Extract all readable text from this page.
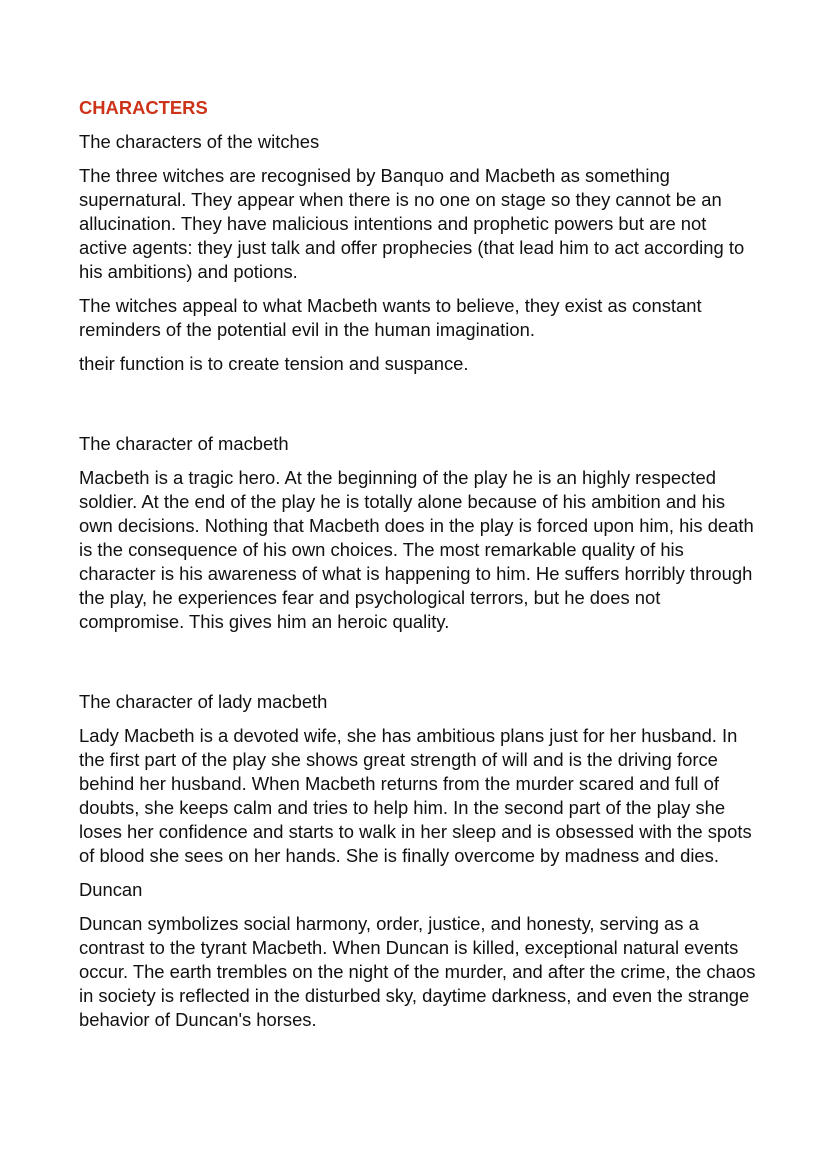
CHARACTERS
The characters of the witches
The three witches are recognised by Banquo and Macbeth as something supernatural. They appear when there is no one on stage so they cannot be an allucination. They have malicious intentions and prophetic powers but are not active agents: they just talk and offer prophecies (that lead him to act according to his ambitions) and potions.
The witches appeal to what Macbeth wants to believe, they exist as constant reminders of the potential evil in the human imagination.
their function is to create tension and suspance.
The character of macbeth
Macbeth is a tragic hero. At the beginning of the play he is an highly respected soldier. At the end of the play he is totally alone because of his ambition and his own decisions. Nothing that Macbeth does in the play is forced upon him, his death is the consequence of his own choices. The most remarkable quality of his character is his awareness of what is happening to him. He suffers horribly through the play, he experiences fear and psychological terrors, but he does not compromise. This gives him an heroic quality.
The character of lady macbeth
Lady Macbeth is a devoted wife, she has ambitious plans just for her husband. In the first part of the play she shows great strength of will and is the driving force behind her husband. When Macbeth returns from the murder scared and full of doubts, she keeps calm and tries to help him. In the second part of the play she loses her confidence and starts to walk in her sleep and is obsessed with the spots of blood she sees on her hands. She is finally overcome by madness and dies.
Duncan
Duncan symbolizes social harmony, order, justice, and honesty, serving as a contrast to the tyrant Macbeth. When Duncan is killed, exceptional natural events occur. The earth trembles on the night of the murder, and after the crime, the chaos in society is reflected in the disturbed sky, daytime darkness, and even the strange behavior of Duncan's horses.
